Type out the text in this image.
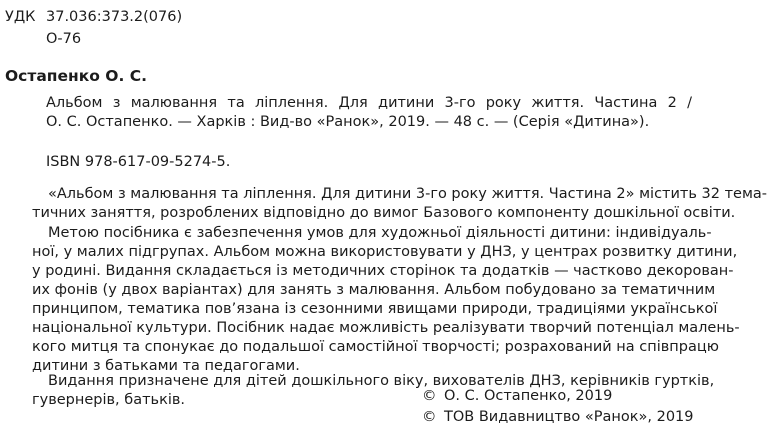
УДК 37.036:373.2(076)
О-76
Остапенко О. С.
Альбом з малювання та ліплення. Для дитини 3-го року життя. Частина 2 /
О. С. Остапенко. — Харків : Вид-во «Ранок», 2019. — 48 с. — (Серія «Дитина»).
ISBN 978-617-09-5274-5.
«Альбом з малювання та ліплення. Для дитини 3-го року життя. Частина 2» містить 32 тема-
тичних заняття, розроблених відповідно до вимог Базового компоненту дошкільної освіти.
Метою посібника є забезпечення умов для художньої діяльності дитини: індивідуаль-
ної, у малих підгрупах. Альбом можна використовувати у ДНЗ, у центрах розвитку дитини,
у родині. Видання складається із методичних сторінок та додатків — частково декорован-
их фонів (у двох варіантах) для занять з малювання. Альбом побудовано за тематичним
принципом, тематика пов’язана із сезонними явищами природи, традиціями української
національної культури. Посібник надає можливість реалізувати творчий потенціал малень-
кого митця та спонукає до подальшої самостійної творчості; розрахований на співпрацю
дитини з батьками та педагогами.
Видання призначене для дітей дошкільного віку, вихователів ДНЗ, керівників гуртків,
гувернерів, батьків.	© О. С. Остапенко, 2019
© ТОВ Видавництво «Ранок», 2019
